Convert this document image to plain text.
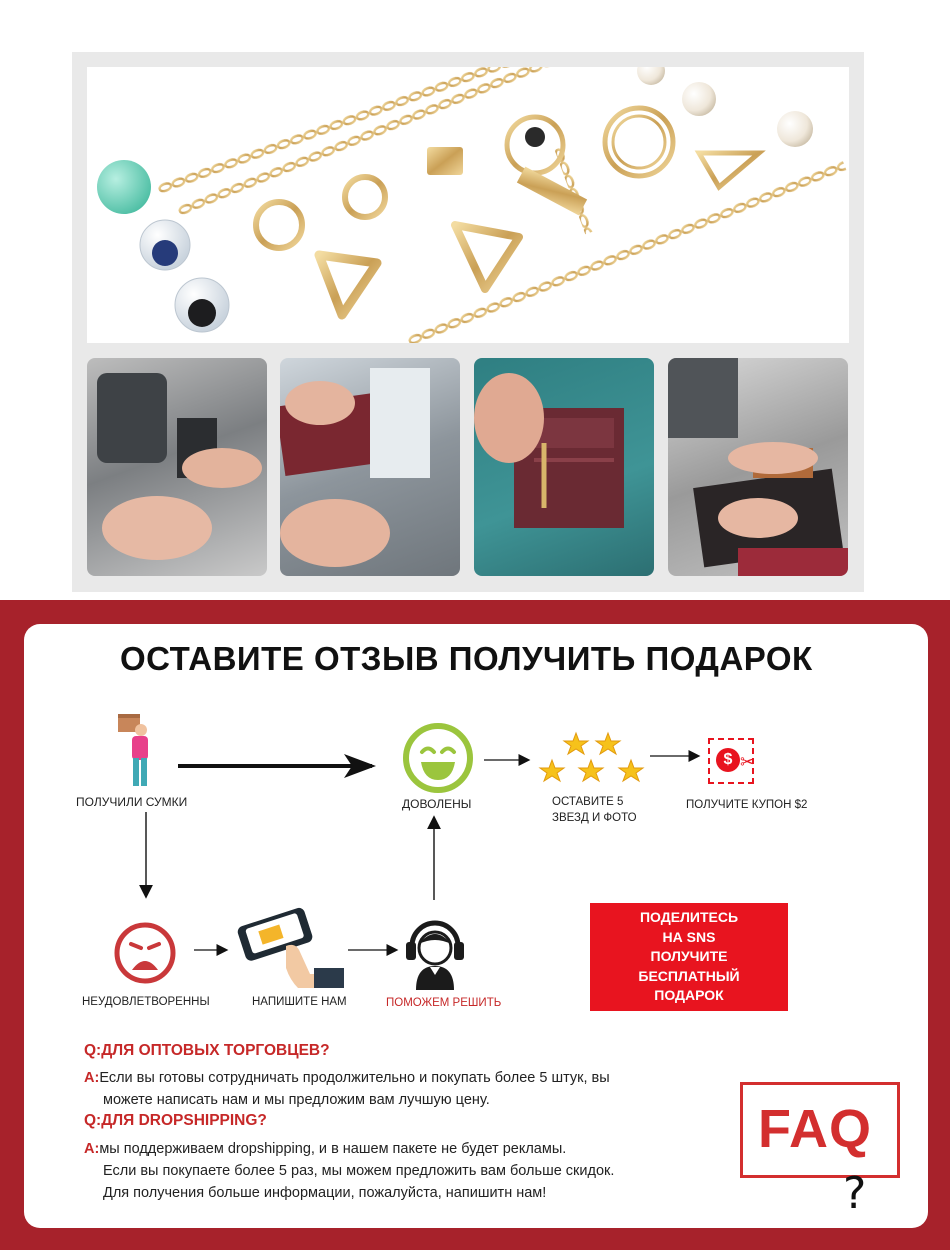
ОСТАВИТЕ ОТЗЫВ ПОЛУЧИТЬ ПОДАРОК
$ ✂
ПОЛУЧИЛИ СУМКИ	ДОВОЛЕНЫ	ОСТАВИТЕ 5 ЗВЕЗД И ФОТО
ПОЛУЧИТЕ КУПОН $2
НЕУДОВЛЕТВОРЕННЫ	НАПИШИТЕ НАМ	ПОМОЖЕМ РЕШИТЬ
ПОДЕЛИТЕСЬ
НА SNS
ПОЛУЧИТЕ
БЕСПЛАТНЫЙ
ПОДАРОК
Q:ДЛЯ ОПТОВЫХ ТОРГОВЦЕВ?
A:Если вы готовы сотрудничать продолжительно и покупать более 5 штук, вы
можете написать нам и мы предложим вам лучшую цену.
Q:ДЛЯ DROPSHIPPING?
A:мы поддерживаем dropshipping, и в нашем пакете не будет рекламы.
Если вы покупаете более 5 раз, мы можем предложить вам больше скидок.
Для получения больше информации, пожалуйста, напишитн нам!
FAQ
?
